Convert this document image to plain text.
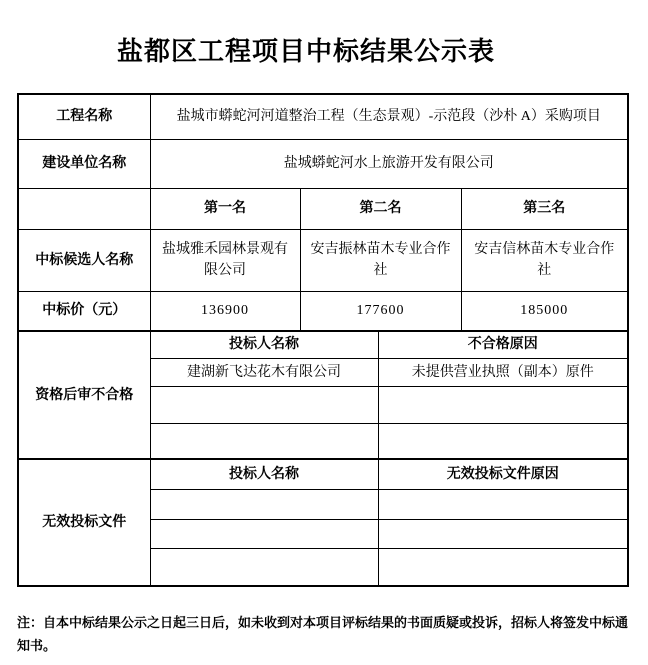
盐都区工程项目中标结果公示表
工程名称	盐城市蟒蛇河河道整治工程（生态景观）-示范段（沙朴 A）采购项目			
建设单位名称	盐城蟒蛇河水上旅游开发有限公司			
	第一名	第二名		第三名
中标候选人名称	盐城雅禾园林景观有限公司	安吉振林苗木专业合作社		安吉信林苗木专业合作社
中标价（元）	136900	177600		185000
资格后审不合格	投标人名称		不合格原因	
	建湖新飞达花木有限公司		未提供营业执照（副本）原件	

无效投标文件	投标人名称		无效投标文件原因	

注：自本中标结果公示之日起三日后，如未收到对本项目评标结果的书面质疑或投诉，招标人将签发中标通知书。
